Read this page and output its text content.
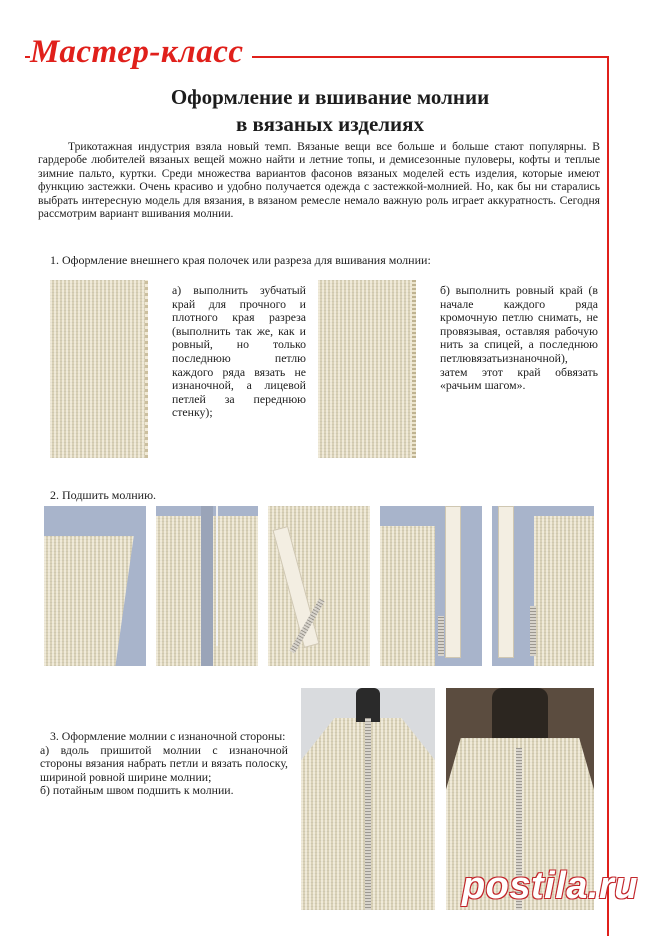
Мастер-класс
Оформление и вшивание молнии
в вязаных изделиях
Трикотажная индустрия взяла новый темп. Вязаные вещи все больше и больше стают популярны. В гардеробе любителей вязаных вещей можно найти и летние топы, и демисезонные пуловеры, кофты и теплые зимние пальто, куртки. Среди множества вариантов фасонов вязаных моделей есть изделия, которые имеют функцию застежки. Очень красиво и удобно получается одежда с застежкой-молнией. Но, как бы ни старались выбрать интересную модель для вязания, в вязаном ремесле немало важную роль играет аккуратность. Сегодня рассмотрим вариант вшивания молнии.
1. Оформление внешнего края полочек или разреза для вшивания молнии:
а) выполнить зубчатый край для прочного и плотного края разреза (выполнить так же, как и ровный, но только последнюю петлю каждого ряда вязать не изнаночной, а лицевой петлей за переднюю стенку);
б) выполнить ровный край (в начале каждого ряда кромочную петлю снимать, не провязывая, оставляя рабочую нить за спицей, а последнюю петлювязатьизнаночной), затем этот край обвязать «рачьим шагом».
2. Подшить молнию.
3. Оформление молнии с изнаночной стороны:
а) вдоль пришитой молнии с изнаночной стороны вязания набрать петли и вязать полоску, шириной ровной ширине молнии;
б) потайным швом подшить к молнии.
postila.ru
